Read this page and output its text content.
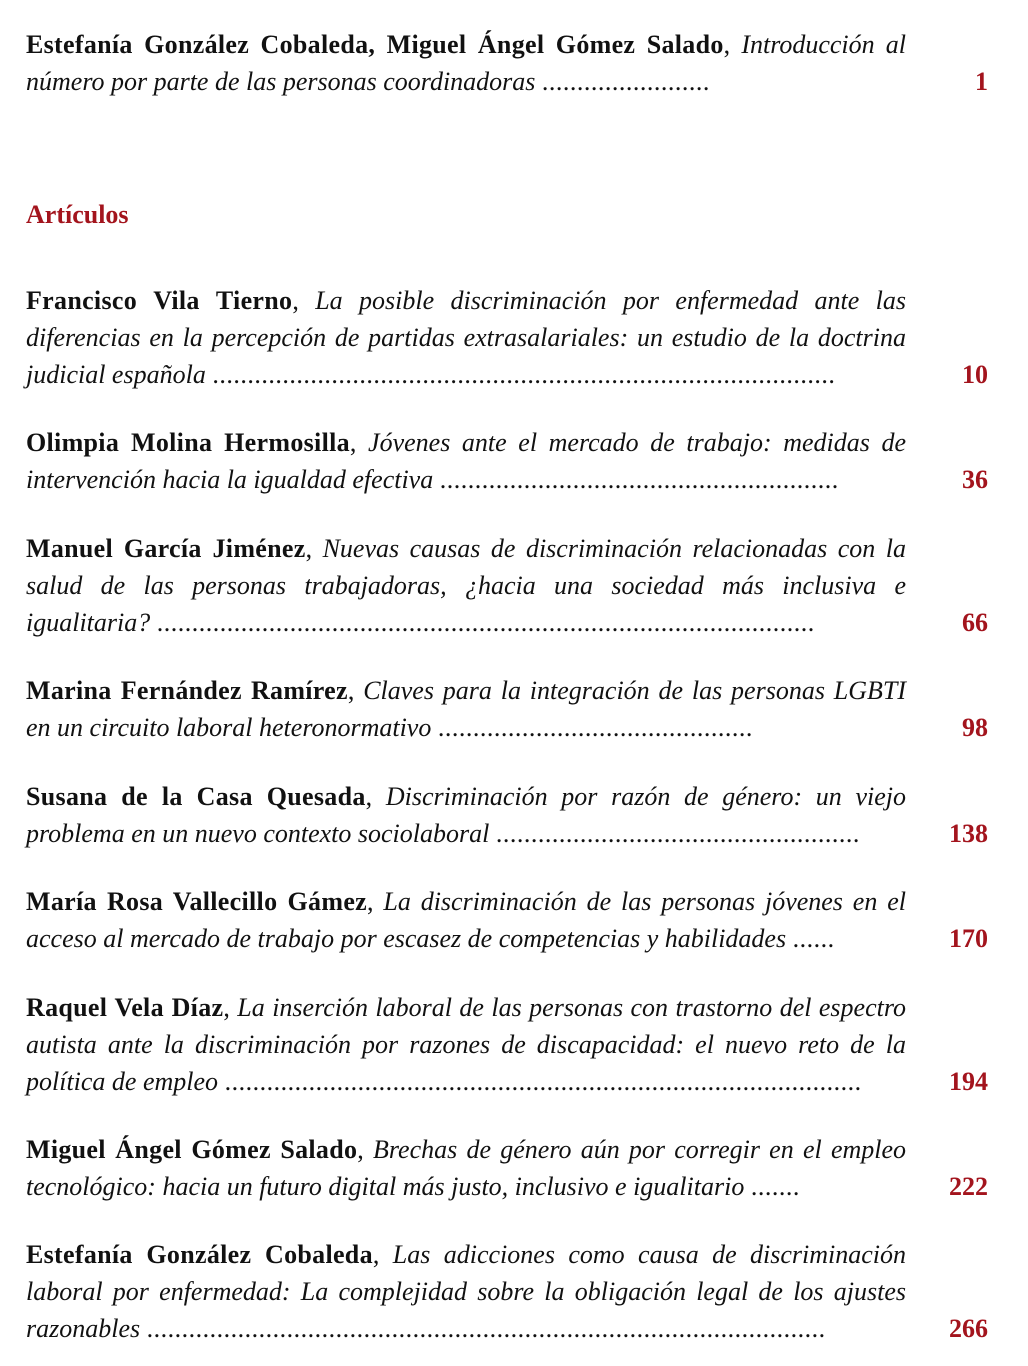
Estefanía González Cobaleda, Miguel Ángel Gómez Salado, Introducción al número por parte de las personas coordinadoras ........................	1
Artículos
Francisco Vila Tierno, La posible discriminación por enfermedad ante las diferencias en la percepción de partidas extrasalariales: un estudio de la doctrina judicial española .........................................................................................	10
Olimpia Molina Hermosilla, Jóvenes ante el mercado de trabajo: medidas de intervención hacia la igualdad efectiva .........................................................	36
Manuel García Jiménez, Nuevas causas de discriminación relacionadas con la salud de las personas trabajadoras, ¿hacia una sociedad más inclusiva e igualitaria? ..............................................................................................	66
Marina Fernández Ramírez, Claves para la integración de las personas LGBTI en un circuito laboral heteronormativo .............................................	98
Susana de la Casa Quesada, Discriminación por razón de género: un viejo problema en un nuevo contexto sociolaboral ....................................................	138
María Rosa Vallecillo Gámez, La discriminación de las personas jóvenes en el acceso al mercado de trabajo por escasez de competencias y habilidades ......	170
Raquel Vela Díaz, La inserción laboral de las personas con trastorno del espectro autista ante la discriminación por razones de discapacidad: el nuevo reto de la política de empleo ...........................................................................................	194
Miguel Ángel Gómez Salado, Brechas de género aún por corregir en el empleo tecnológico: hacia un futuro digital más justo, inclusivo e igualitario .......	222
Estefanía González Cobaleda, Las adicciones como causa de discriminación laboral por enfermedad: La complejidad sobre la obligación legal de los ajustes razonables .................................................................................................	266
